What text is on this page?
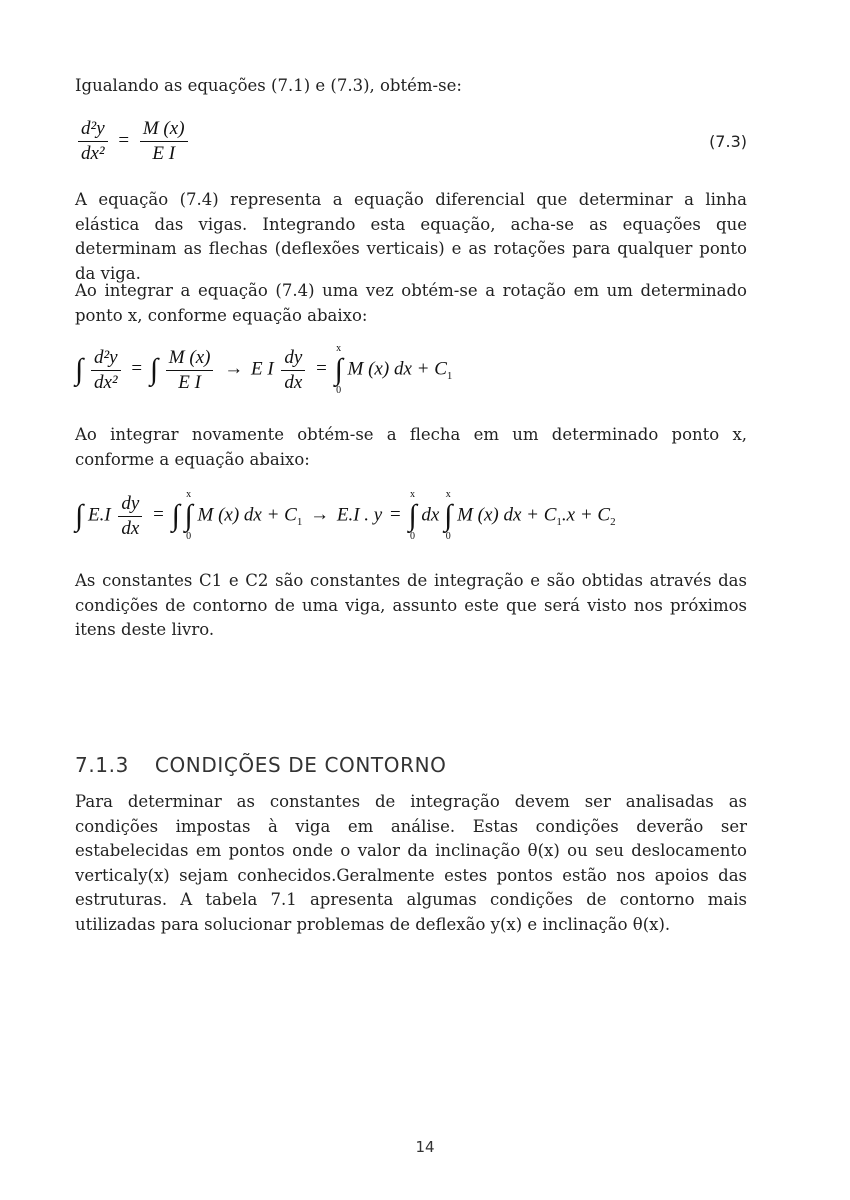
Igualando as equações (7.1) e (7.3), obtém-se:

$\frac{\text{d²y}}{\text{dx²}} = \frac{M (x)}{\text{E I}}$	(7.3)

A equação (7.4) representa a equação diferencial que determinar a linha elástica das vigas. Integrando esta equação, acha-se as equações que determinam as flechas (deflexões verticais) e as rotações para qualquer ponto da viga.

Ao integrar a equação (7.4) uma vez obtém-se a rotação em um determinado ponto x, conforme equação abaixo:

∫ $\frac{\text{d²y}}{\text{dx²}}$ = ∫ $\frac{M (x)}{\text{E I}} \to E$ I $\frac{dy}{dx}$ =
x
∫
0
M (x) dx + $C_1$

Ao integrar novamente obtém-se a flecha em um determinado ponto x, conforme a equação abaixo:

∫ $E.I \frac{dy}{dx}$ = ∫
x
∫
0
M (x) dx + $C_1 \to E.I$ . y =
x
∫
0
dx
x
∫
0
M (x) dx + $C_1.x + C_2$

As constantes C1 e C2 são constantes de integração e são obtidas através das condições de contorno de uma viga, assunto este que será visto nos próximos itens deste livro.

7.1.3 CONDIÇÕES DE CONTORNO

Para determinar as constantes de integração devem ser analisadas as condições impostas à viga em análise. Estas condições deverão ser estabelecidas em pontos onde o valor da inclinação θ(x) ou seu deslocamento verticaly(x) sejam conhecidos.Geralmente estes pontos estão nos apoios das estruturas. A tabela 7.1 apresenta algumas condições de contorno mais utilizadas para solucionar problemas de deflexão y(x) e inclinação θ(x).

14
